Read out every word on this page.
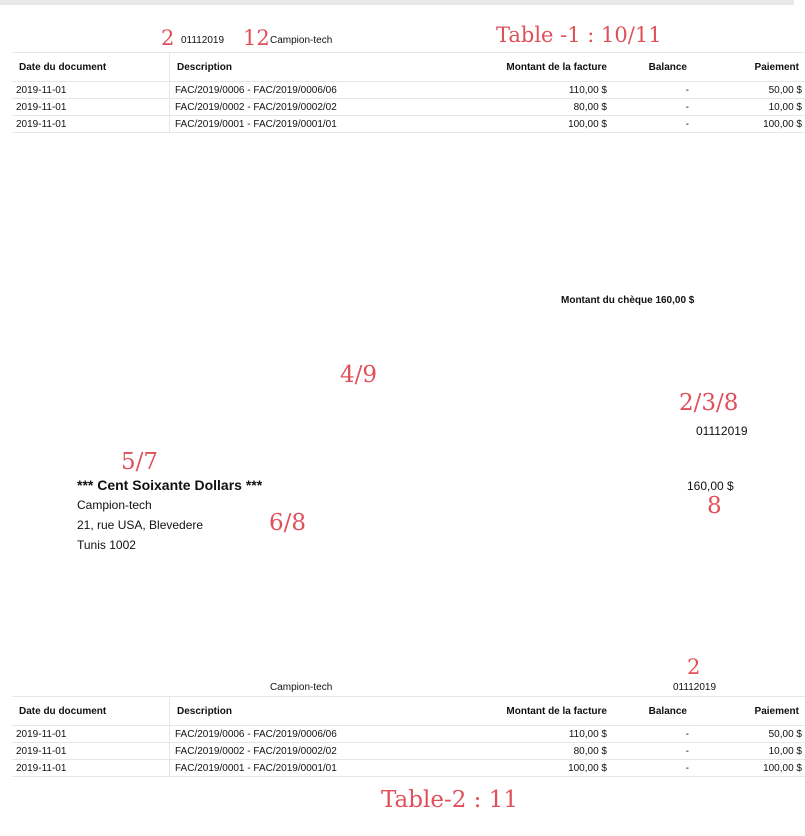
2 01112019 12 Campion-tech	Table -1 : 10/11
Date du document	Description	Montant de la facture	Balance	Paiement
2019-11-01	FAC/2019/0006 - FAC/2019/0006/06	110,00 $	-	50,00 $
2019-11-01	FAC/2019/0002 - FAC/2019/0002/02	80,00 $	-	10,00 $
2019-11-01	FAC/2019/0001 - FAC/2019/0001/01	100,00 $	-	100,00 $
Montant du chèque 160,00 $
4/9
2/3/8
01112019
5/7
*** Cent Soixante Dollars ***	160,00 $
8
Campion-tech
21, rue USA, Blevedere
Tunis 1002
6/8
2
Campion-tech	01112019
Date du document	Description	Montant de la facture	Balance	Paiement
2019-11-01	FAC/2019/0006 - FAC/2019/0006/06	110,00 $	-	50,00 $
2019-11-01	FAC/2019/0002 - FAC/2019/0002/02	80,00 $	-	10,00 $
2019-11-01	FAC/2019/0001 - FAC/2019/0001/01	100,00 $	-	100,00 $
Table-2 : 11
